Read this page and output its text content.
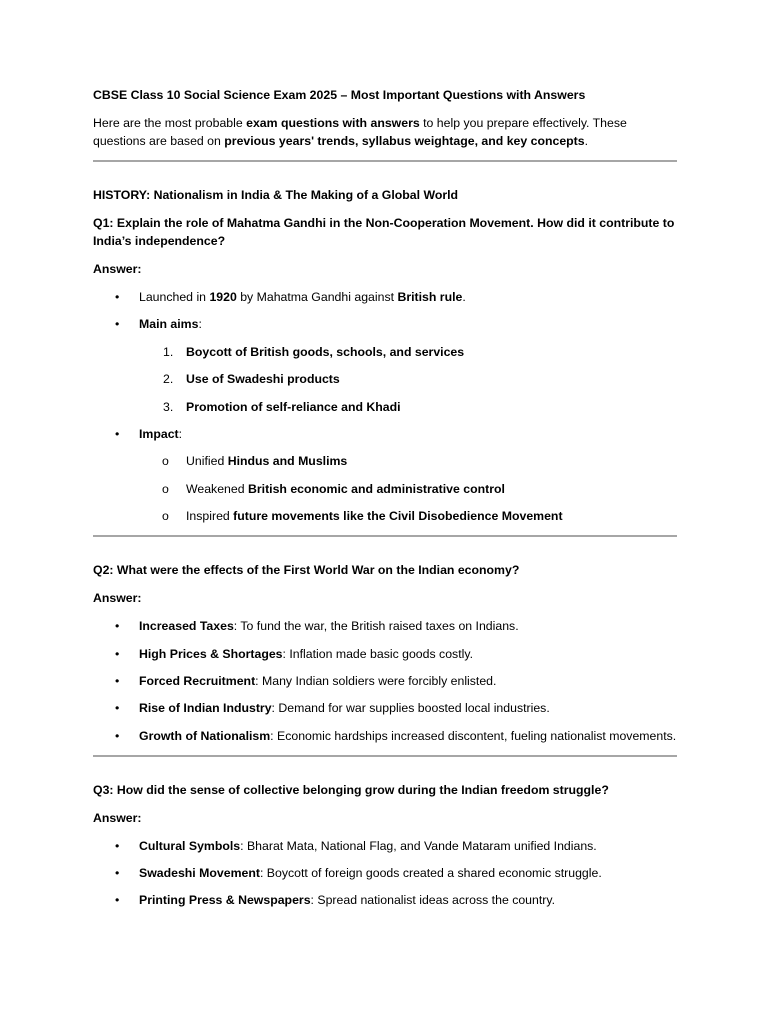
CBSE Class 10 Social Science Exam 2025 – Most Important Questions with Answers

Here are the most probable exam questions with answers to help you prepare effectively. These questions are based on previous years' trends, syllabus weightage, and key concepts.

HISTORY: Nationalism in India & The Making of a Global World

Q1: Explain the role of Mahatma Gandhi in the Non-Cooperation Movement. How did it contribute to India’s independence?

Answer:

• Launched in 1920 by Mahatma Gandhi against British rule.
• Main aims:
1. Boycott of British goods, schools, and services
2. Use of Swadeshi products
3. Promotion of self-reliance and Khadi
• Impact:
o Unified Hindus and Muslims
o Weakened British economic and administrative control
o Inspired future movements like the Civil Disobedience Movement

Q2: What were the effects of the First World War on the Indian economy?

Answer:

• Increased Taxes: To fund the war, the British raised taxes on Indians.
• High Prices & Shortages: Inflation made basic goods costly.
• Forced Recruitment: Many Indian soldiers were forcibly enlisted.
• Rise of Indian Industry: Demand for war supplies boosted local industries.
• Growth of Nationalism: Economic hardships increased discontent, fueling nationalist movements.

Q3: How did the sense of collective belonging grow during the Indian freedom struggle?

Answer:

• Cultural Symbols: Bharat Mata, National Flag, and Vande Mataram unified Indians.
• Swadeshi Movement: Boycott of foreign goods created a shared economic struggle.
• Printing Press & Newspapers: Spread nationalist ideas across the country.
